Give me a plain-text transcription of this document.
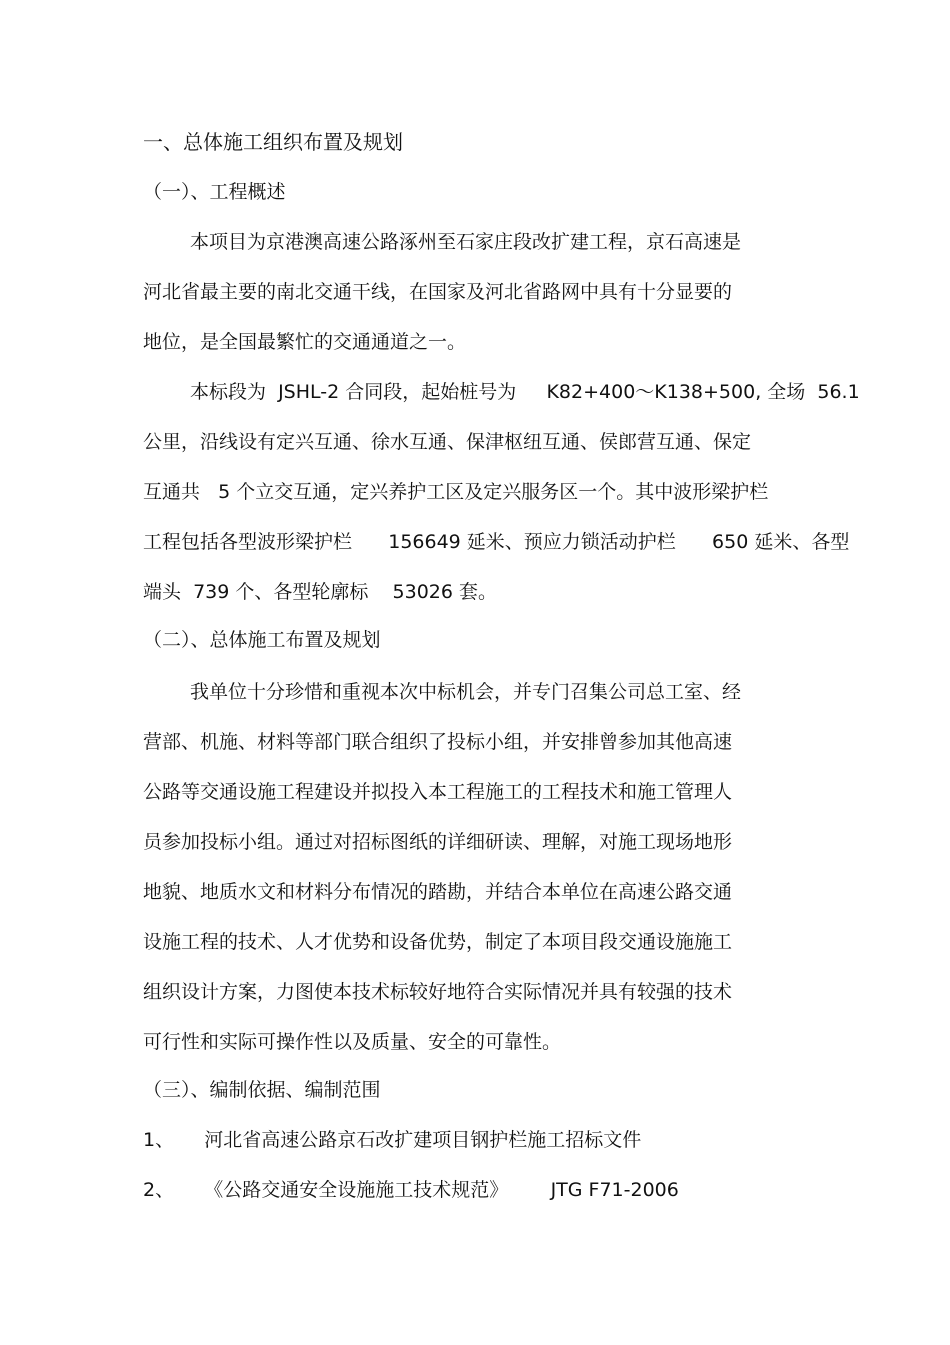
一、总体施工组织布置及规划

（一）、工程概述

本项目为京港澳高速公路涿州至石家庄段改扩建工程，京石高速是

河北省最主要的南北交通干线，在国家及河北省路网中具有十分显要的

地位，是全国最繁忙的交通通道之一。

本标段为  JSHL-2 合同段，起始桩号为     K82+400～K138+500, 全场  56.1

公里，沿线设有定兴互通、徐水互通、保津枢纽互通、侯郎营互通、保定

互通共   5 个立交互通，定兴养护工区及定兴服务区一个。其中波形梁护栏

工程包括各型波形梁护栏      156649 延米、预应力锁活动护栏      650 延米、各型

端头  739 个、各型轮廓标    53026 套。

（二）、总体施工布置及规划

我单位十分珍惜和重视本次中标机会，并专门召集公司总工室、经

营部、机施、材料等部门联合组织了投标小组，并安排曾参加其他高速

公路等交通设施工程建设并拟投入本工程施工的工程技术和施工管理人

员参加投标小组。通过对招标图纸的详细研读、理解，对施工现场地形

地貌、地质水文和材料分布情况的踏勘，并结合本单位在高速公路交通

设施工程的技术、人才优势和设备优势，制定了本项目段交通设施施工

组织设计方案，力图使本技术标较好地符合实际情况并具有较强的技术

可行性和实际可操作性以及质量、安全的可靠性。

（三）、编制依据、编制范围

1、     河北省高速公路京石改扩建项目钢护栏施工招标文件

2、     《公路交通安全设施施工技术规范》       JTG F71-2006
